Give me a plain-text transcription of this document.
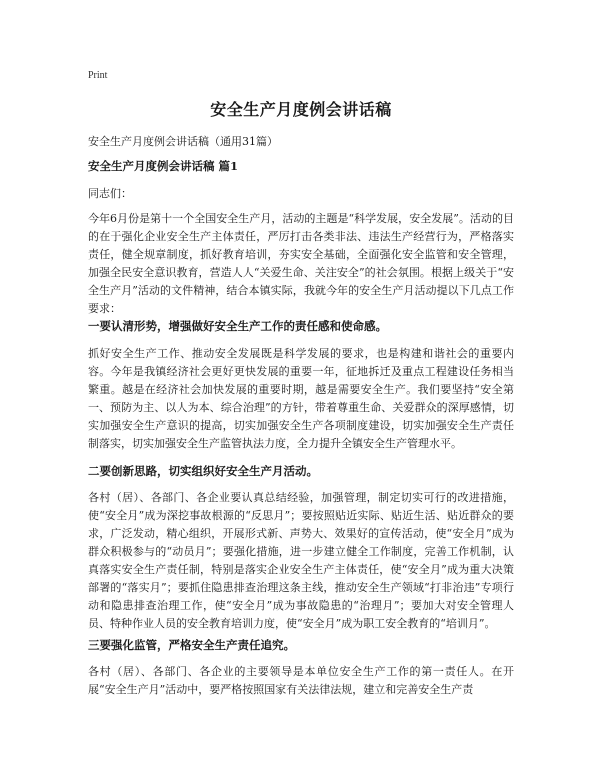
Print
安全生产月度例会讲话稿

安全生产月度例会讲话稿（通用31篇）

安全生产月度例会讲话稿 篇1

同志们：

今年6月份是第十一个全国安全生产月，活动的主题是“科学发展，安全发展”。活动的目的在于强化企业安全生产主体责任，严厉打击各类非法、违法生产经营行为，严格落实责任，健全规章制度，抓好教育培训，夯实安全基础，全面强化安全监管和安全管理，加强全民安全意识教育，营造人人“关爱生命、关注安全”的社会氛围。根据上级关于“安全生产月”活动的文件精神，结合本镇实际，我就今年的安全生产月活动提以下几点工作要求：

一要认清形势，增强做好安全生产工作的责任感和使命感。

抓好安全生产工作、推动安全发展既是科学发展的要求，也是构建和谐社会的重要内容。今年是我镇经济社会更好更快发展的重要一年，征地拆迁及重点工程建设任务相当繁重。越是在经济社会加快发展的重要时期，越是需要安全生产。我们要坚持“安全第一、预防为主、以人为本、综合治理”的方针，带着尊重生命、关爱群众的深厚感情，切实加强安全生产意识的提高，切实加强安全生产各项制度建设，切实加强安全生产责任制落实，切实加强安全生产监管执法力度，全力提升全镇安全生产管理水平。

二要创新思路，切实组织好安全生产月活动。

各村（居）、各部门、各企业要认真总结经验，加强管理，制定切实可行的改进措施，使“安全月”成为深挖事故根源的“反思月”；要按照贴近实际、贴近生活、贴近群众的要求，广泛发动，精心组织，开展形式新、声势大、效果好的宣传活动，使“安全月”成为群众积极参与的“动员月”；要强化措施，进一步建立健全工作制度，完善工作机制，认真落实安全生产责任制，特别是落实企业安全生产主体责任，使“安全月”成为重大决策部署的“落实月”；要抓住隐患排查治理这条主线，推动安全生产领域“打非治违”专项行动和隐患排查治理工作，使“安全月”成为事故隐患的“治理月”；要加大对安全管理人员、特种作业人员的安全教育培训力度，使“安全月”成为职工安全教育的“培训月”。

三要强化监管，严格安全生产责任追究。

各村（居）、各部门、各企业的主要领导是本单位安全生产工作的第一责任人。在开展“安全生产月”活动中，要严格按照国家有关法律法规，建立和完善安全生产责
